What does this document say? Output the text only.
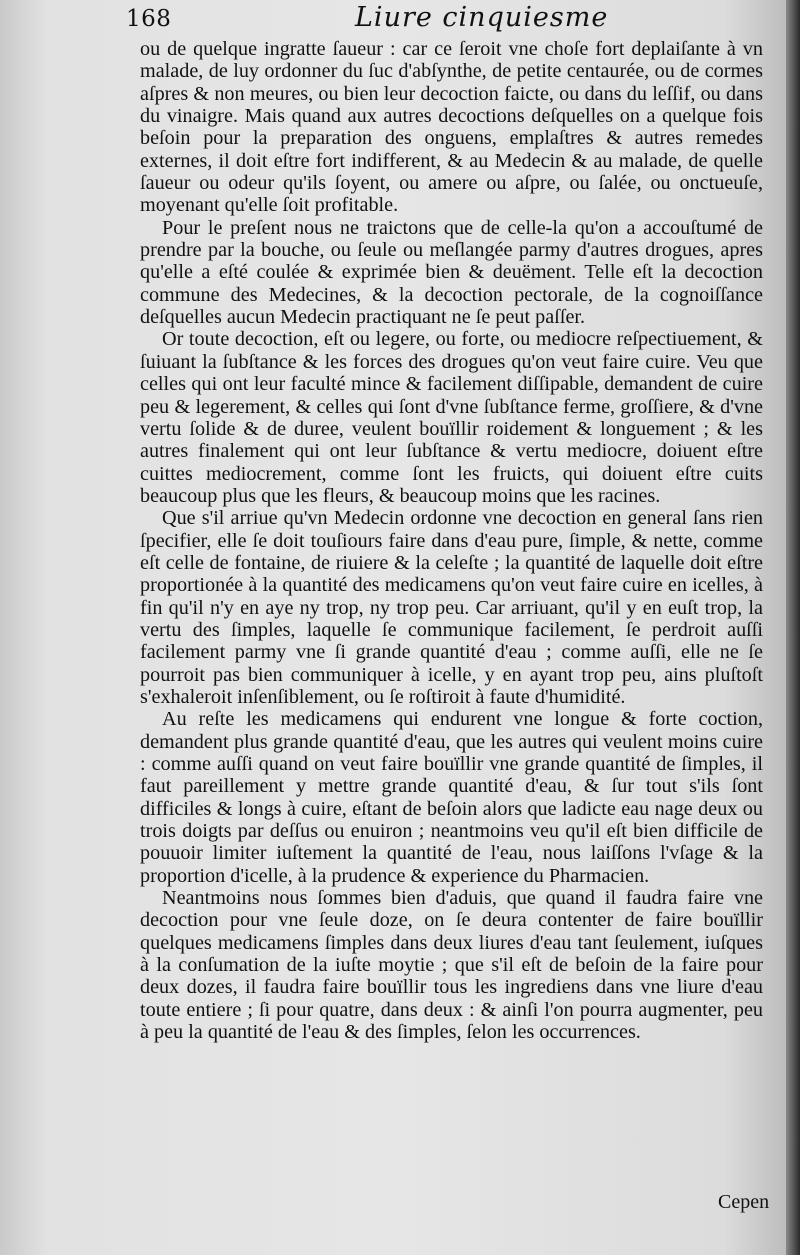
168	Liure cinquiesme

ou de quelque ingratte ſaueur : car ce ſeroit vne choſe fort deplaiſante à vn malade, de luy ordonner du ſuc d'abſynthe, de petite centaurée, ou de cormes aſpres & non meures, ou bien leur decoction faicte, ou dans du leſſif, ou dans du vinaigre. Mais quand aux autres decoctions deſquelles on a quelque fois beſoin pour la preparation des onguens, emplaſtres & autres remedes externes, il doit eſtre fort indifferent, & au Medecin & au malade, de quelle ſaueur ou odeur qu'ils ſoyent, ou amere ou aſpre, ou ſalée, ou onctueuſe, moyenant qu'elle ſoit profitable.

Pour le preſent nous ne traictons que de celle-la qu'on a accouſtumé de prendre par la bouche, ou ſeule ou meſlangée parmy d'autres drogues, apres qu'elle a eſté coulée & exprimée bien & deuëment. Telle eſt la decoction commune des Medecines, & la decoction pectorale, de la cognoiſſance deſquelles aucun Medecin practiquant ne ſe peut paſſer.

Or toute decoction, eſt ou legere, ou forte, ou mediocre reſpectiuement, & ſuiuant la ſubſtance & les forces des drogues qu'on veut faire cuire. Veu que celles qui ont leur faculté mince & facilement diſſipable, demandent de cuire peu & legerement, & celles qui ſont d'vne ſubſtance ferme, groſſiere, & d'vne vertu ſolide & de duree, veulent bouïllir roidement & longuement ; & les autres finalement qui ont leur ſubſtance & vertu mediocre, doiuent eſtre cuittes mediocrement, comme ſont les fruicts, qui doiuent eſtre cuits beaucoup plus que les fleurs, & beaucoup moins que les racines.

Que s'il arriue qu'vn Medecin ordonne vne decoction en general ſans rien ſpecifier, elle ſe doit touſiours faire dans d'eau pure, ſimple, & nette, comme eſt celle de fontaine, de riuiere & la celeſte ; la quantité de laquelle doit eſtre proportionée à la quantité des medicamens qu'on veut faire cuire en icelles, à fin qu'il n'y en aye ny trop, ny trop peu. Car arriuant, qu'il y en euſt trop, la vertu des ſimples, laquelle ſe communique facilement, ſe perdroit auſſi facilement parmy vne ſi grande quantité d'eau ; comme auſſi, elle ne ſe pourroit pas bien communiquer à icelle, y en ayant trop peu, ains pluſtoſt s'exhaleroit inſenſiblement, ou ſe roſtiroit à faute d'humidité.

Au reſte les medicamens qui endurent vne longue & forte coction, demandent plus grande quantité d'eau, que les autres qui veulent moins cuire : comme auſſi quand on veut faire bouïllir vne grande quantité de ſimples, il faut pareillement y mettre grande quantité d'eau, & ſur tout s'ils ſont difficiles & longs à cuire, eſtant de beſoin alors que ladicte eau nage deux ou trois doigts par deſſus ou enuiron ; neantmoins veu qu'il eſt bien difficile de pouuoir limiter iuſtement la quantité de l'eau, nous laiſſons l'vſage & la proportion d'icelle, à la prudence & experience du Pharmacien.

Neantmoins nous ſommes bien d'aduis, que quand il faudra faire vne decoction pour vne ſeule doze, on ſe deura contenter de faire bouïllir quelques medicamens ſimples dans deux liures d'eau tant ſeulement, iuſques à la conſumation de la iuſte moytie ; que s'il eſt de beſoin de la faire pour deux dozes, il faudra faire bouïllir tous les ingrediens dans vne liure d'eau toute entiere ; ſi pour quatre, dans deux : & ainſi l'on pourra augmenter, peu à peu la quantité de l'eau & des ſimples, ſelon les occurrences.

Cepen
